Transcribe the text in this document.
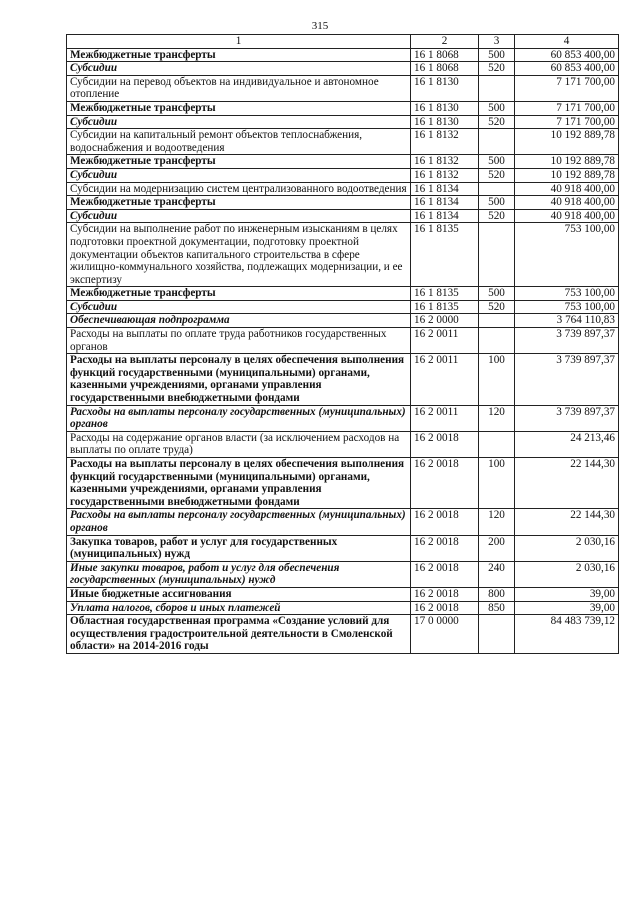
315
1	2	3	4
Межбюджетные трансферты	16 1 8068	500	60 853 400,00
Субсидии	16 1 8068	520	60 853 400,00
Субсидии на перевод объектов на индивидуальное и автономное отопление	16 1 8130		7 171 700,00
Межбюджетные трансферты	16 1 8130	500	7 171 700,00
Субсидии	16 1 8130	520	7 171 700,00
Субсидии на капитальный ремонт объектов теплоснабжения, водоснабжения и водоотведения	16 1 8132		10 192 889,78
Межбюджетные трансферты	16 1 8132	500	10 192 889,78
Субсидии	16 1 8132	520	10 192 889,78
Субсидии на модернизацию систем централизованного водоотведения	16 1 8134		40 918 400,00
Межбюджетные трансферты	16 1 8134	500	40 918 400,00
Субсидии	16 1 8134	520	40 918 400,00
Субсидии на выполнение работ по инженерным изысканиям в целях подготовки проектной документации, подготовку проектной документации объектов капитального строительства в сфере жилищно-коммунального хозяйства, подлежащих модернизации, и ее экспертизу	16 1 8135		753 100,00
Межбюджетные трансферты	16 1 8135	500	753 100,00
Субсидии	16 1 8135	520	753 100,00
Обеспечивающая подпрограмма	16 2 0000		3 764 110,83
Расходы на выплаты по оплате труда работников государственных органов	16 2 0011		3 739 897,37
Расходы на выплаты персоналу в целях обеспечения выполнения функций государственными (муниципальными) органами, казенными учреждениями, органами управления государственными внебюджетными фондами	16 2 0011	100	3 739 897,37
Расходы на выплаты персоналу государственных (муниципальных) органов	16 2 0011	120	3 739 897,37
Расходы на содержание органов власти (за исключением расходов на выплаты по оплате труда)	16 2 0018		24 213,46
Расходы на выплаты персоналу в целях обеспечения выполнения функций государственными (муниципальными) органами, казенными учреждениями, органами управления государственными внебюджетными фондами	16 2 0018	100	22 144,30
Расходы на выплаты персоналу государственных (муниципальных) органов	16 2 0018	120	22 144,30
Закупка товаров, работ и услуг для государственных (муниципальных) нужд	16 2 0018	200	2 030,16
Иные закупки товаров, работ и услуг для обеспечения государственных (муниципальных) нужд	16 2 0018	240	2 030,16
Иные бюджетные ассигнования	16 2 0018	800	39,00
Уплата налогов, сборов и иных платежей	16 2 0018	850	39,00
Областная государственная программа «Создание условий для осуществления градостроительной деятельности в Смоленской области» на 2014-2016 годы	17 0 0000		84 483 739,12
